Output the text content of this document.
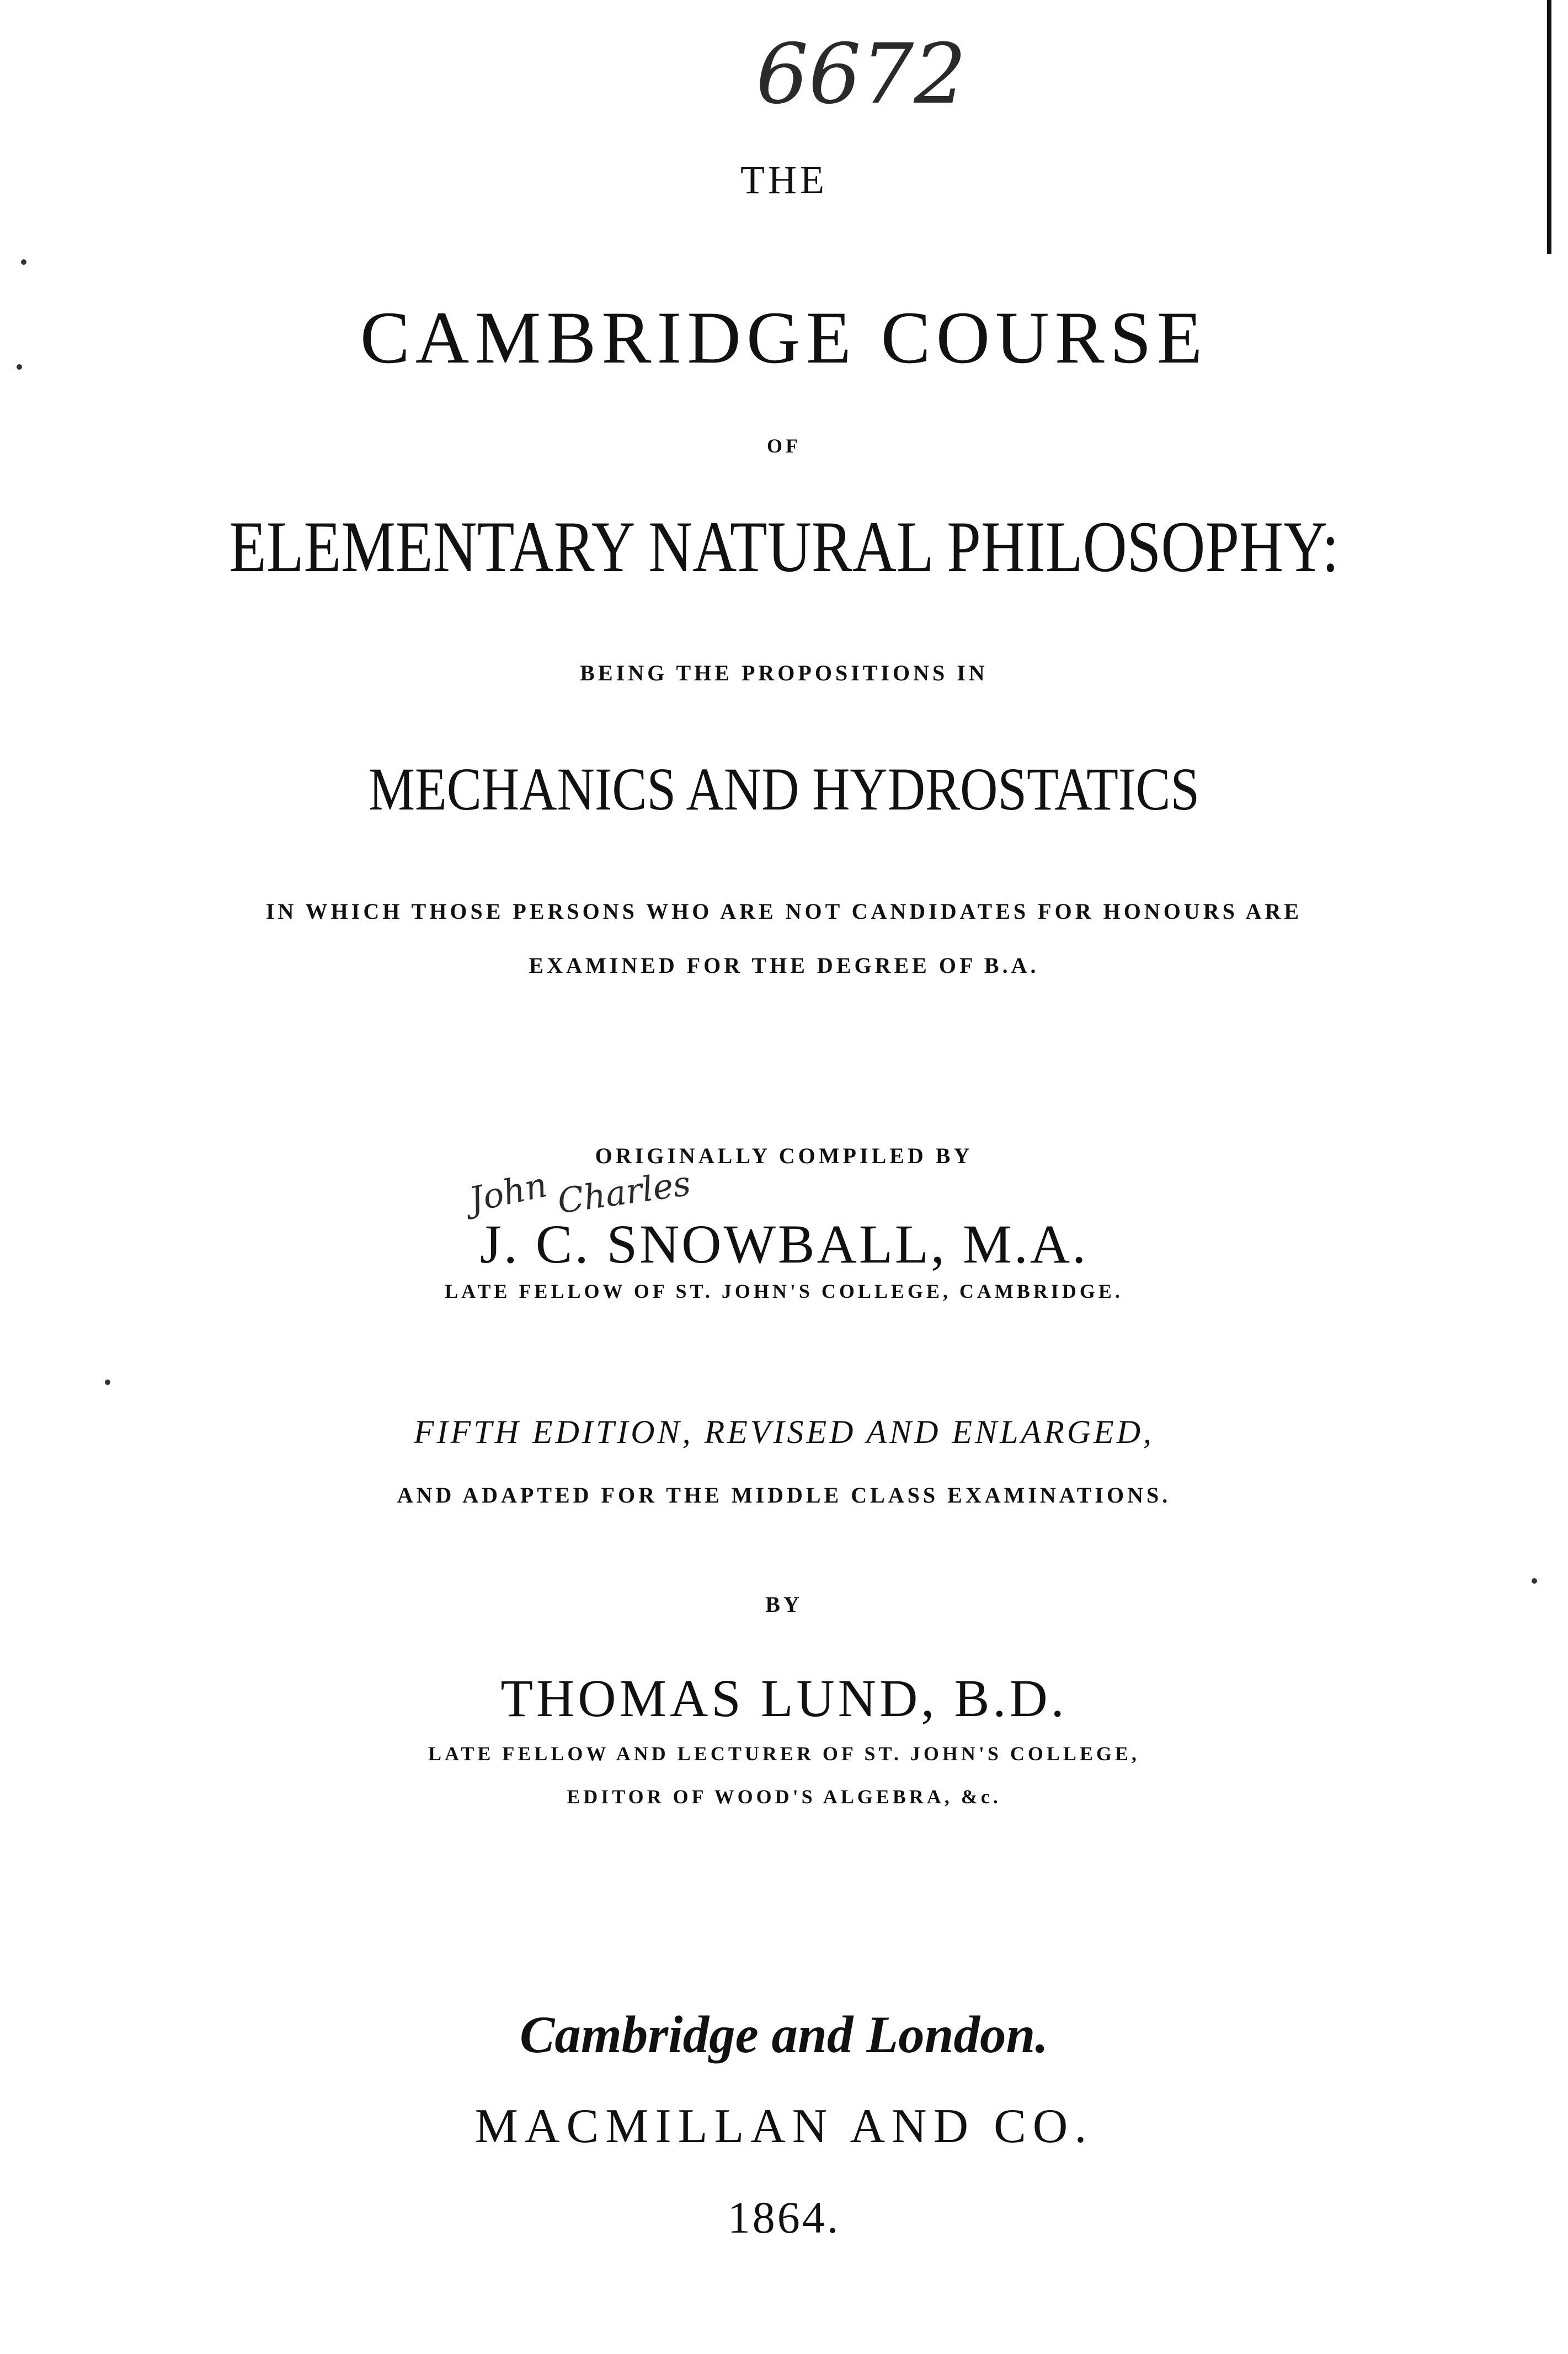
6672
THE
CAMBRIDGE COURSE
OF
ELEMENTARY NATURAL PHILOSOPHY:
BEING THE PROPOSITIONS IN
MECHANICS AND HYDROSTATICS
IN WHICH THOSE PERSONS WHO ARE NOT CANDIDATES FOR HONOURS ARE
EXAMINED FOR THE DEGREE OF B.A.
ORIGINALLY COMPILED BY
John Charles
J. C. SNOWBALL, M.A.
LATE FELLOW OF ST. JOHN'S COLLEGE, CAMBRIDGE.
FIFTH EDITION, REVISED AND ENLARGED,
AND ADAPTED FOR THE MIDDLE CLASS EXAMINATIONS.
BY
THOMAS LUND, B.D.
LATE FELLOW AND LECTURER OF ST. JOHN'S COLLEGE,
EDITOR OF WOOD'S ALGEBRA, &c.
Cambridge and London.
MACMILLAN AND CO.
1864.
